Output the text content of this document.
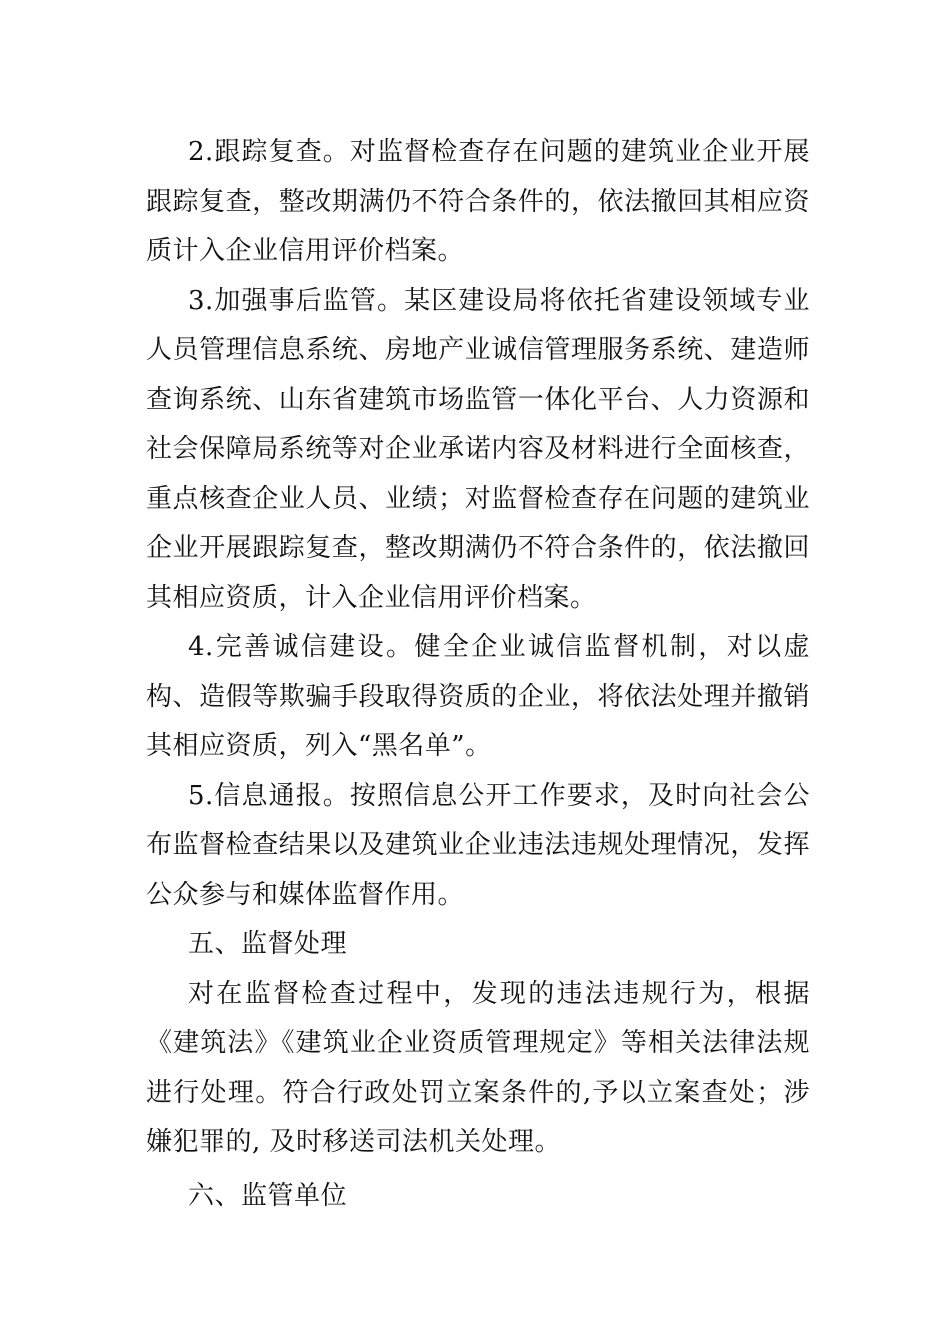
2.跟踪复查。对监督检查存在问题的建筑业企业开展跟踪复查，整改期满仍不符合条件的，依法撤回其相应资质计入企业信用评价档案。

3.加强事后监管。某区建设局将依托省建设领域专业人员管理信息系统、房地产业诚信管理服务系统、建造师查询系统、山东省建筑市场监管一体化平台、人力资源和社会保障局系统等对企业承诺内容及材料进行全面核查，重点核查企业人员、业绩；对监督检查存在问题的建筑业企业开展跟踪复查，整改期满仍不符合条件的，依法撤回其相应资质，计入企业信用评价档案。

4.完善诚信建设。健全企业诚信监督机制，对以虚构、造假等欺骗手段取得资质的企业，将依法处理并撤销其相应资质，列入“黑名单”。

5.信息通报。按照信息公开工作要求，及时向社会公布监督检查结果以及建筑业企业违法违规处理情况，发挥公众参与和媒体监督作用。

五、监督处理

对在监督检查过程中，发现的违法违规行为，根据《建筑法》《建筑业企业资质管理规定》等相关法律法规进行处理。符合行政处罚立案条件的,予以立案查处；涉嫌犯罪的, 及时移送司法机关处理。

六、监管单位
